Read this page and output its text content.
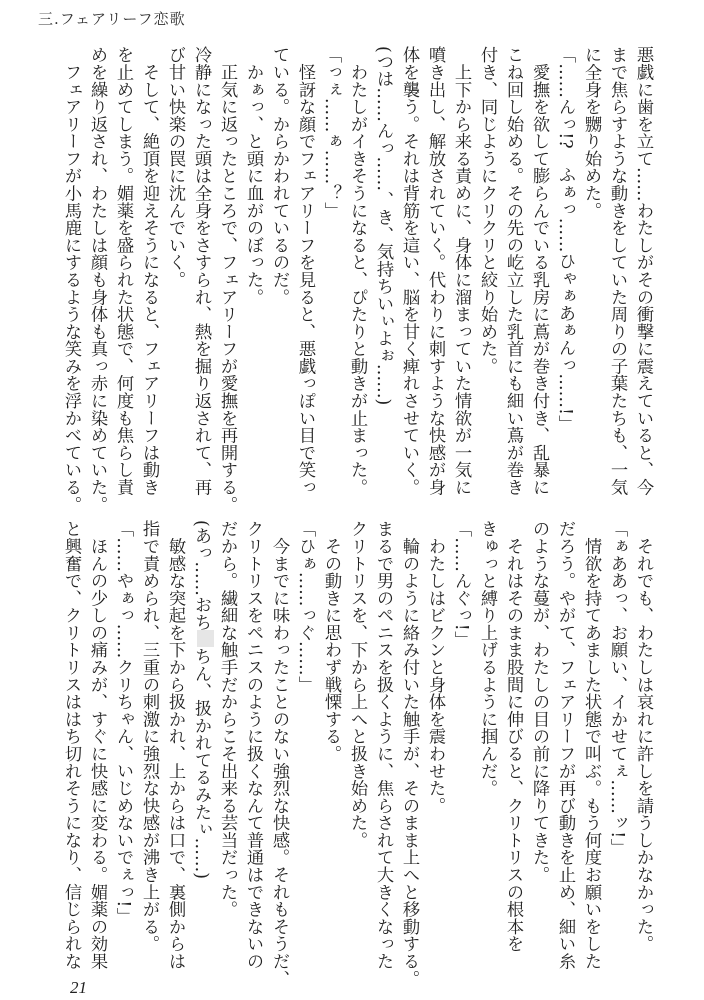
三.フェアリーフ恋歌
悪戯に歯を立て……わたしがその衝撃に震えていると、今
まで焦らすような動きをしていた周りの子葉たちも、一気
に全身を嬲り始めた。
「……んっ!?　ふぁっ……ひゃぁあぁんっ……!」
　愛撫を欲して膨らんでいる乳房に蔦が巻き付き、乱暴に
こね回し始める。その先の屹立した乳首にも細い蔦が巻き
付き、同じようにクリクリと絞り始めた。
　上下から来る責めに、身体に溜まっていた情欲が一気に
噴き出し、解放されていく。代わりに刺すような快感が身
体を襲う。それは背筋を這い、脳を甘く痺れさせていく。
(つは……んっ……、き、気持ちいぃよぉ……)
　わたしがイきそうになると、ぴたりと動きが止まった。
「っぇ……ぁ……？」
　怪訝な顔でフェアリーフを見ると、悪戯っぽい目で笑っ
ている。からかわれているのだ。
　かぁっ、と頭に血がのぼった。
　正気に返ったところで、フェアリーフが愛撫を再開する。
冷静になった頭は全身をさすられ、熱を掘り返されて、再
び甘い快楽の罠に沈んでいく。
　そして、絶頂を迎えそうになると、フェアリーフは動き
を止めてしまう。媚薬を盛られた状態で、何度も焦らし責
めを繰り返され、わたしは顔も身体も真っ赤に染めていた。
　フェアリーフが小馬鹿にするような笑みを浮かべている。
　それでも、わたしは哀れに許しを請うしかなかった。
「ぁああっ、お願い、イかせてぇ……ッ!」
　情欲を持てあました状態で叫ぶ。もう何度お願いをした
だろう。やがて、フェアリーフが再び動きを止め、細い糸
のような蔓が、わたしの目の前に降りてきた。
　それはそのまま股間に伸びると、クリトリスの根本を
きゅっと縛り上げるように掴んだ。
「……んぐっ!」
　わたしはビクンと身体を震わせた。
　輪のように絡み付いた触手が、そのまま上へと移動する。
まるで男のペニスを扱くように、焦らされて大きくなった
クリトリスを、下から上へと扱き始めた。
　その動きに思わず戦慄する。
「ひぁ……っぐ……」
　今までに味わったことのない強烈な快感。それもそうだ、
クリトリスをペニスのように扱くなんて普通はできないの
だから。繊細な触手だからこそ出来る芸当だった。
(あっ……おちちん、扱かれてるみたぃ……)
　敏感な突起を下から扱かれ、上からは口で、裏側からは
指で責められ、三重の刺激に強烈な快感が沸き上がる。
「……やぁっ……クリちゃん、いじめないでぇっ!」
　ほんの少しの痛みが、すぐに快感に変わる。媚薬の効果
と興奮で、クリトリスははち切れそうになり、信じられな
21
